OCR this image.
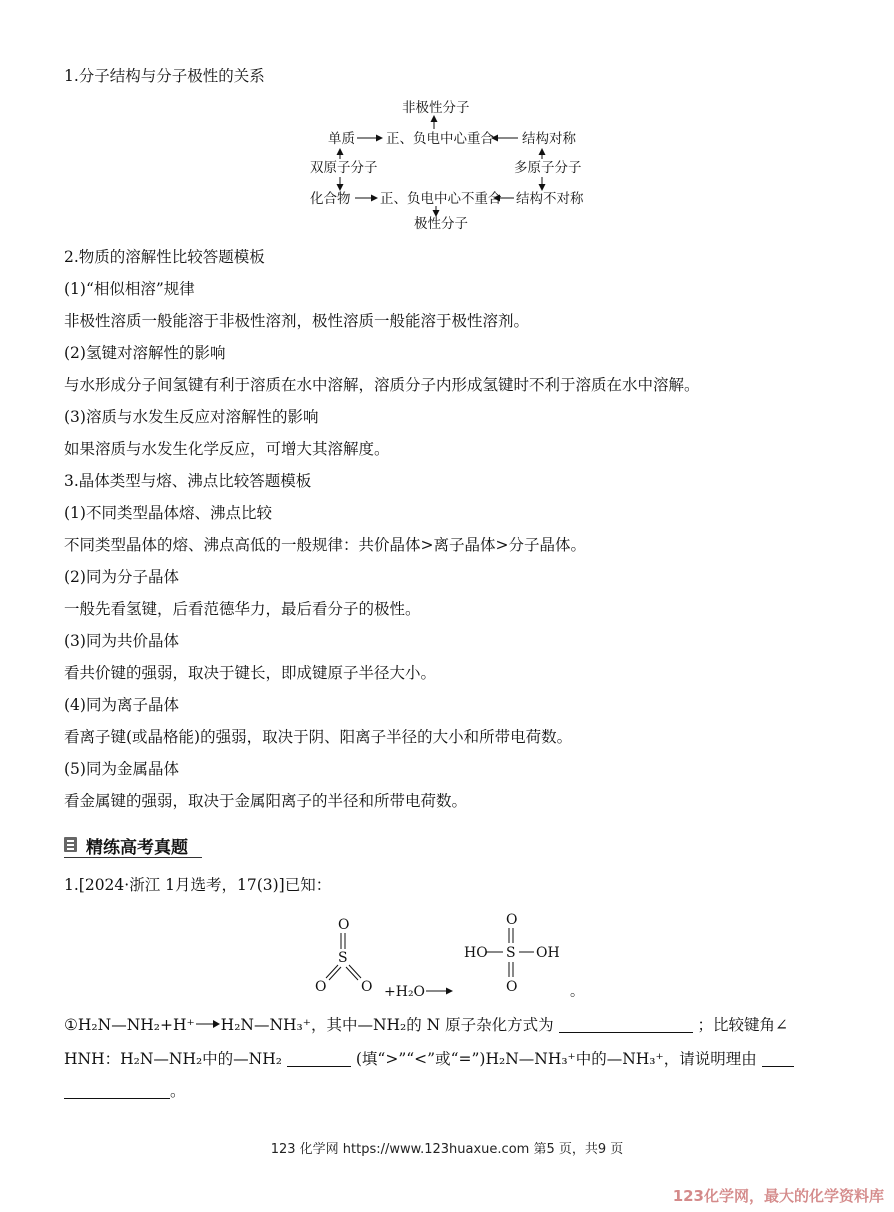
1.分子结构与分子极性的关系
非极性分子
单质 正、负电中心重合 结构对称
双原子分子	多原子分子
化合物 正、负电中心不重合 结构不对称
极性分子
2.物质的溶解性比较答题模板
(1)“相似相溶”规律
非极性溶质一般能溶于非极性溶剂，极性溶质一般能溶于极性溶剂。
(2)氢键对溶解性的影响
与水形成分子间氢键有利于溶质在水中溶解，溶质分子内形成氢键时不利于溶质在水中溶解。
(3)溶质与水发生反应对溶解性的影响
如果溶质与水发生化学反应，可增大其溶解度。
3.晶体类型与熔、沸点比较答题模板
(1)不同类型晶体熔、沸点比较
不同类型晶体的熔、沸点高低的一般规律：共价晶体>离子晶体>分子晶体。
(2)同为分子晶体
一般先看氢键，后看范德华力，最后看分子的极性。
(3)同为共价晶体
看共价键的强弱，取决于键长，即成键原子半径大小。
(4)同为离子晶体
看离子键(或晶格能)的强弱，取决于阴、阳离子半径的大小和所带电荷数。
(5)同为金属晶体
看金属键的强弱，取决于金属阳离子的半径和所带电荷数。
精练高考真题
1.[2024·浙江 1月选考，17(3)]已知：
O
S
O O +H₂O
O
HO S OH
O	。
①H₂N—NH₂+H⁺ H₂N—NH₃⁺，其中—NH₂的 N 原子杂化方式为	；比较键角∠
HNH：H₂N—NH₂中的—NH₂	(填“>”“<”或“=”)H₂N—NH₃⁺中的—NH₃⁺，请说明理由
。
123 化学网 https://www.123huaxue.com 第5 页，共9 页
123化学网，最大的化学资料库
